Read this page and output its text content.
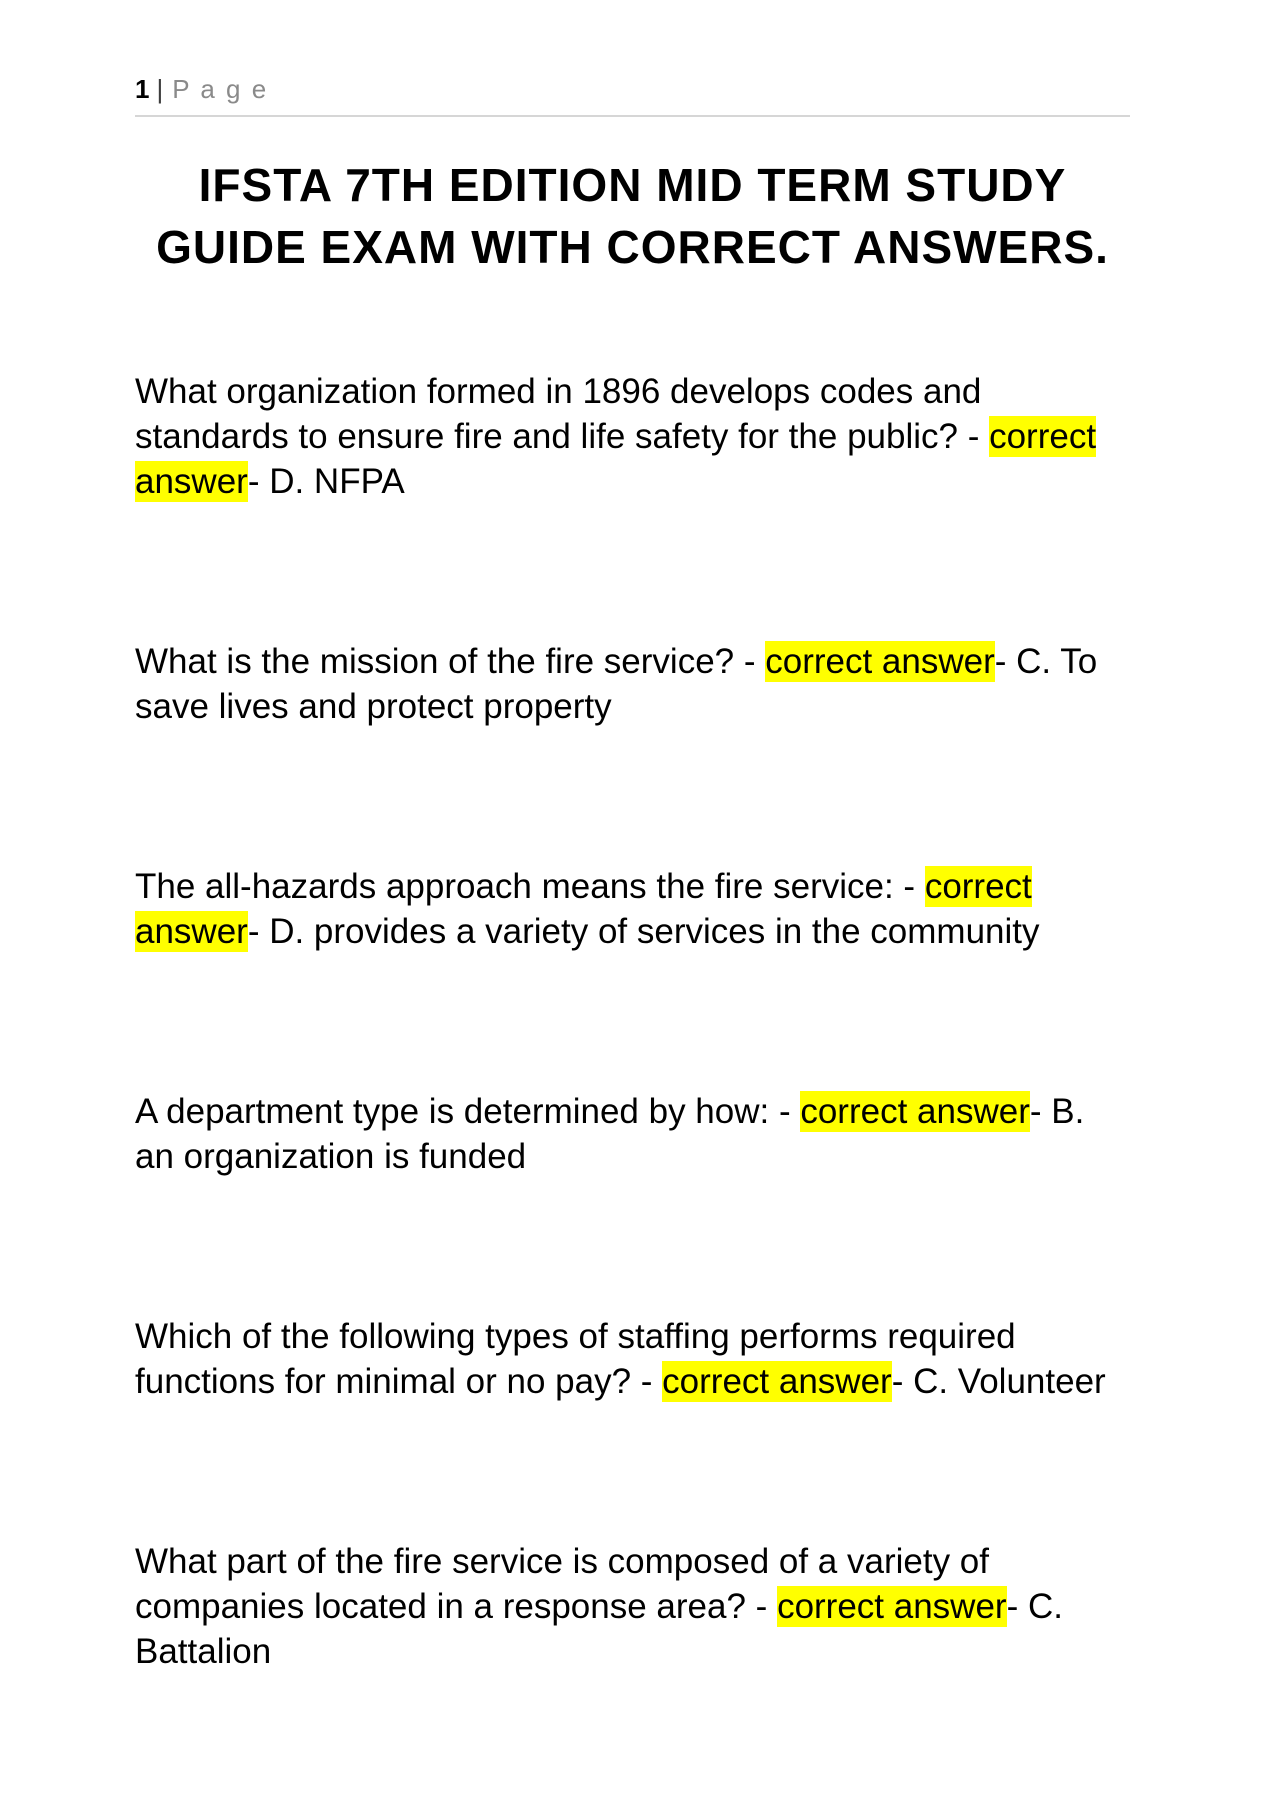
1 | P a g e
IFSTA 7TH EDITION MID TERM STUDY GUIDE EXAM WITH CORRECT ANSWERS.

What organization formed in 1896 develops codes and standards to ensure fire and life safety for the public? - correct answer- D. NFPA

What is the mission of the fire service? - correct answer- C. To save lives and protect property

The all-hazards approach means the fire service: - correct answer- D. provides a variety of services in the community

A department type is determined by how: - correct answer- B. an organization is funded

Which of the following types of staffing performs required functions for minimal or no pay? - correct answer- C. Volunteer

What part of the fire service is composed of a variety of companies located in a response area? - correct answer- C. Battalion
